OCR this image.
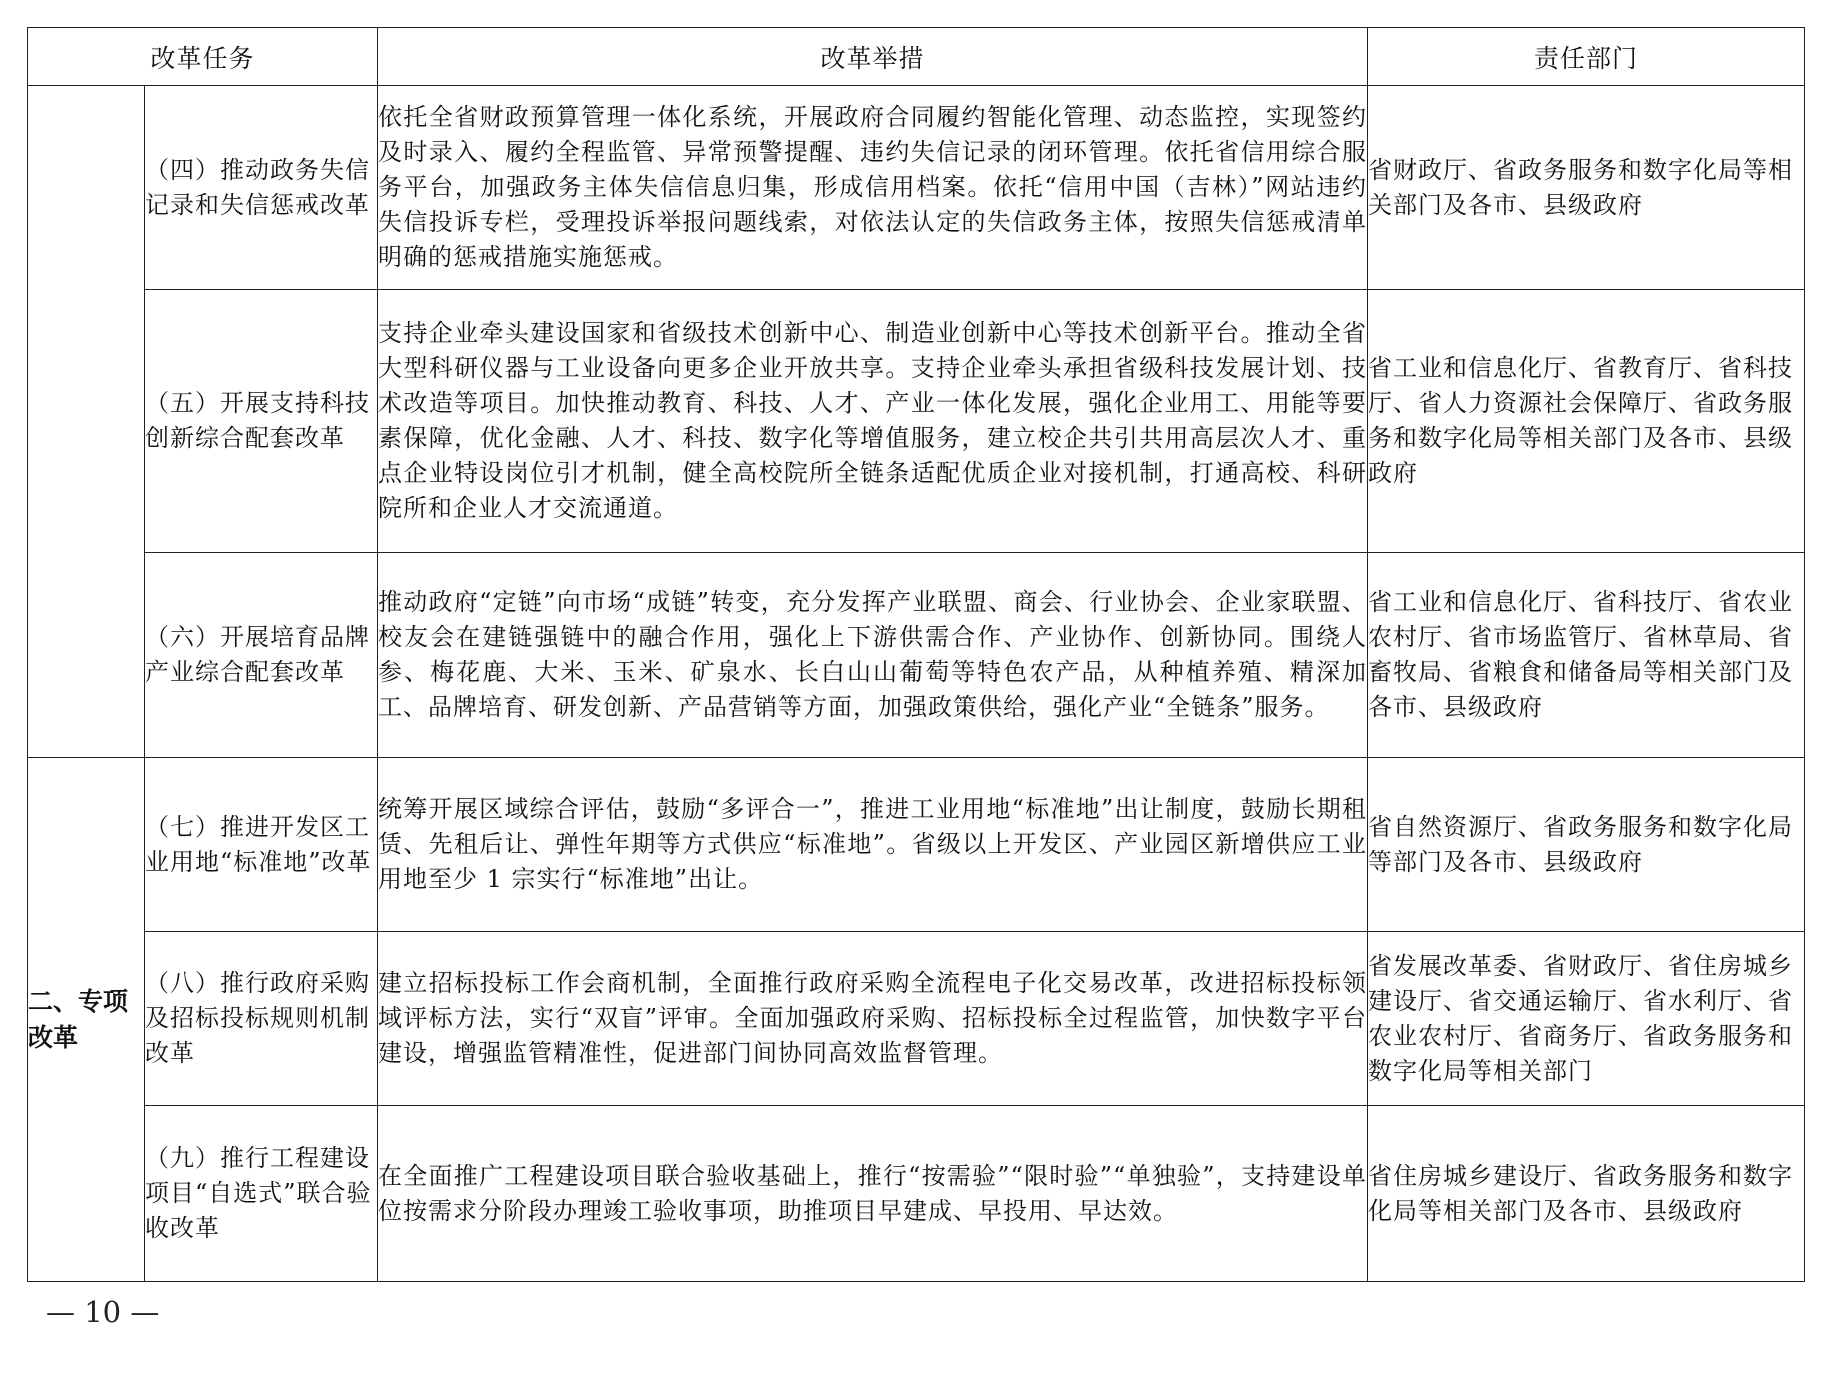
改革任务		改革举措	责任部门
	（四）推动政务失信记录和失信惩戒改革	依托全省财政预算管理一体化系统，开展政府合同履约智能化管理、动态监控，实现签约及时录入、履约全程监管、异常预警提醒、违约失信记录的闭环管理。依托省信用综合服务平台，加强政务主体失信信息归集，形成信用档案。依托“信用中国（吉林）”网站违约失信投诉专栏，受理投诉举报问题线索，对依法认定的失信政务主体，按照失信惩戒清单明确的惩戒措施实施惩戒。	省财政厅、省政务服务和数字化局等相关部门及各市、县级政府
	（五）开展支持科技创新综合配套改革	支持企业牵头建设国家和省级技术创新中心、制造业创新中心等技术创新平台。推动全省大型科研仪器与工业设备向更多企业开放共享。支持企业牵头承担省级科技发展计划、技术改造等项目。加快推动教育、科技、人才、产业一体化发展，强化企业用工、用能等要素保障，优化金融、人才、科技、数字化等增值服务，建立校企共引共用高层次人才、重点企业特设岗位引才机制，健全高校院所全链条适配优质企业对接机制，打通高校、科研院所和企业人才交流通道。	省工业和信息化厅、省教育厅、省科技厅、省人力资源社会保障厅、省政务服务和数字化局等相关部门及各市、县级政府
	（六）开展培育品牌产业综合配套改革	推动政府“定链”向市场“成链”转变，充分发挥产业联盟、商会、行业协会、企业家联盟、校友会在建链强链中的融合作用，强化上下游供需合作、产业协作、创新协同。围绕人参、梅花鹿、大米、玉米、矿泉水、长白山山葡萄等特色农产品，从种植养殖、精深加工、品牌培育、研发创新、产品营销等方面，加强政策供给，强化产业“全链条”服务。	省工业和信息化厅、省科技厅、省农业农村厅、省市场监管厅、省林草局、省畜牧局、省粮食和储备局等相关部门及各市、县级政府
二、专项改革	（七）推进开发区工业用地“标准地”改革	统筹开展区域综合评估，鼓励“多评合一”，推进工业用地“标准地”出让制度，鼓励长期租赁、先租后让、弹性年期等方式供应“标准地”。省级以上开发区、产业园区新增供应工业用地至少 1 宗实行“标准地”出让。	省自然资源厅、省政务服务和数字化局等部门及各市、县级政府
	（八）推行政府采购及招标投标规则机制改革	建立招标投标工作会商机制，全面推行政府采购全流程电子化交易改革，改进招标投标领域评标方法，实行“双盲”评审。全面加强政府采购、招标投标全过程监管，加快数字平台建设，增强监管精准性，促进部门间协同高效监督管理。	省发展改革委、省财政厅、省住房城乡建设厅、省交通运输厅、省水利厅、省农业农村厅、省商务厅、省政务服务和数字化局等相关部门
	（九）推行工程建设项目“自选式”联合验收改革	在全面推广工程建设项目联合验收基础上，推行“按需验”“限时验”“单独验”，支持建设单位按需求分阶段办理竣工验收事项，助推项目早建成、早投用、早达效。	省住房城乡建设厅、省政务服务和数字化局等相关部门及各市、县级政府
— 10 —
